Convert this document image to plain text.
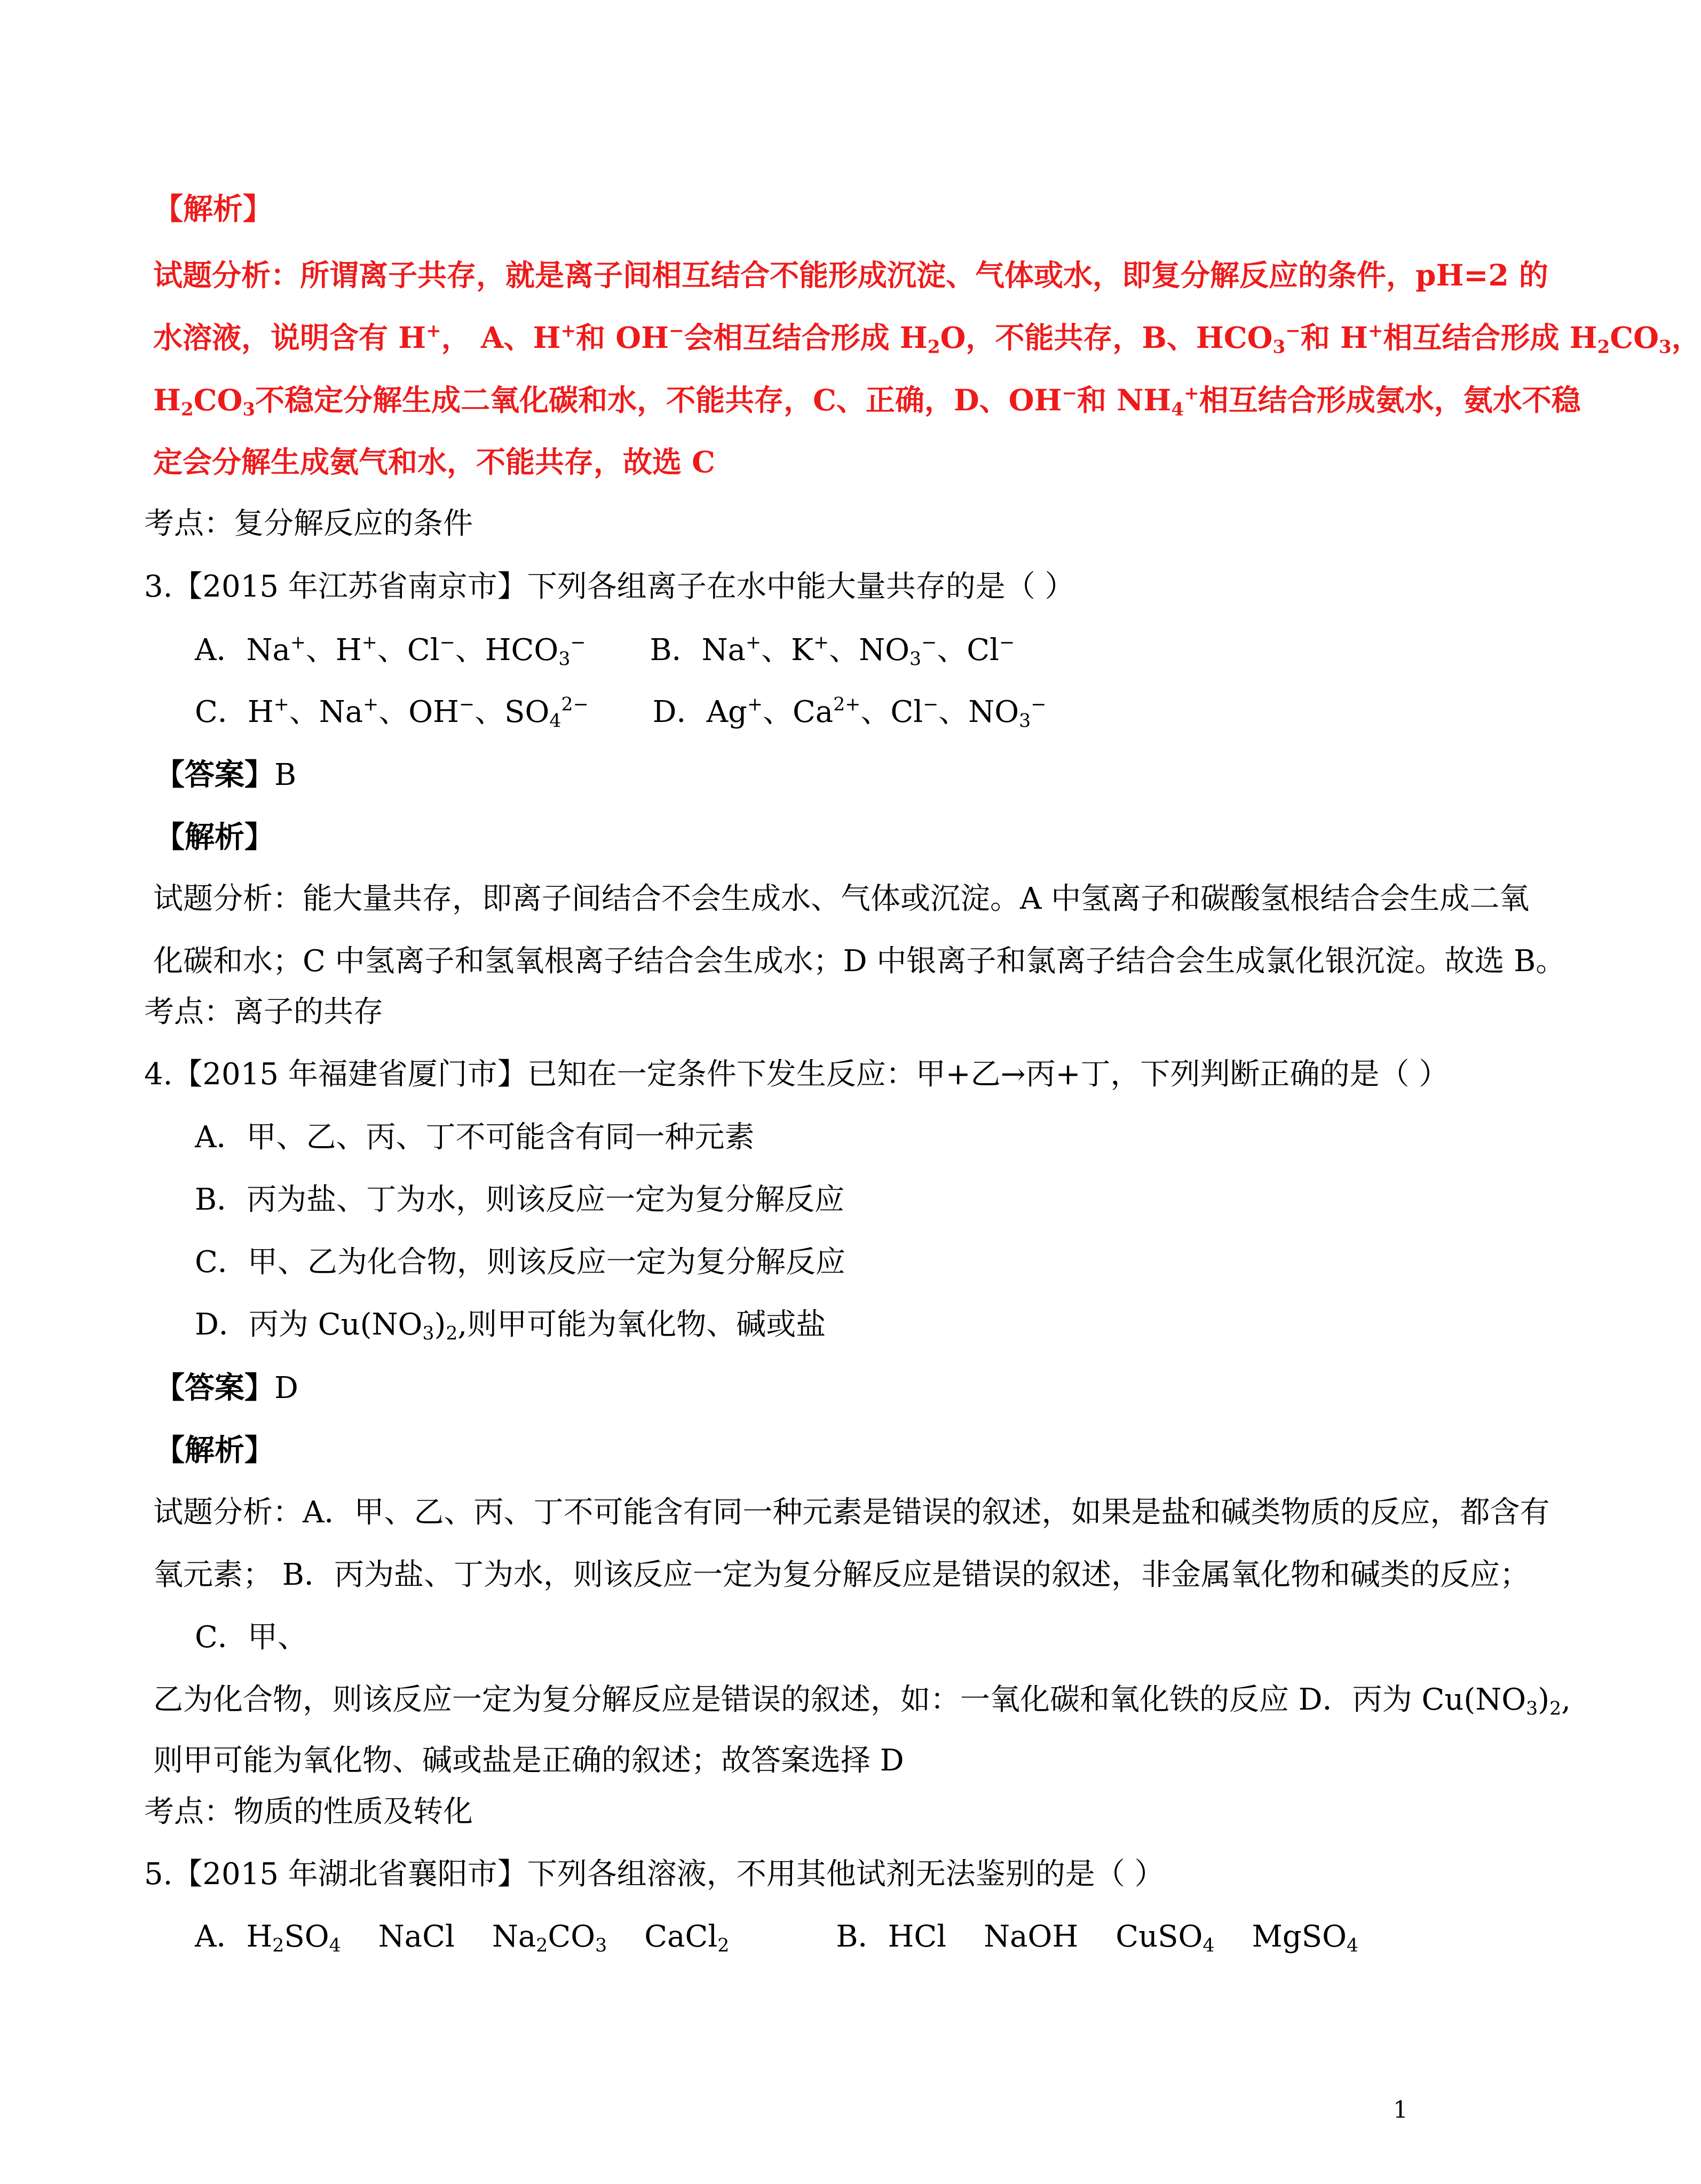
【解析】
试题分析：所谓离子共存，就是离子间相互结合不能形成沉淀、气体或水，即复分解反应的条件，pH=2 的
水溶液，说明含有 H+， A、H+和 OH−会相互结合形成 $H_2O$，不能共存，B、$HCO_3^-$和 H+相互结合形成 $H_2CO_3$，
$H_2CO_3$不稳定分解生成二氧化碳和水，不能共存，C、正确，D、OH−和 $NH_4^+$相互结合形成氨水，氨水不稳
定会分解生成氨气和水，不能共存，故选 C
考点：复分解反应的条件
3.【2015 年江苏省南京市】下列各组离子在水中能大量共存的是（ ）
A．Na+、H+、Cl−、$HCO_3^-$ B．Na+、K+、$NO_3^-$、Cl−
C．H+、Na+、OH−、$SO_4^{2-}$ D．Ag+、$Ca^{2+}$、Cl−、$NO_3^-$
【答案】B
【解析】
试题分析：能大量共存，即离子间结合不会生成水、气体或沉淀。A 中氢离子和碳酸氢根结合会生成二氧
化碳和水；C 中氢离子和氢氧根离子结合会生成水；D 中银离子和氯离子结合会生成氯化银沉淀。故选 B。
考点：离子的共存
4.【2015 年福建省厦门市】已知在一定条件下发生反应：甲+乙→丙+丁，下列判断正确的是（ ）
A．甲、乙、丙、丁不可能含有同一种元素
B．丙为盐、丁为水，则该反应一定为复分解反应
C．甲、乙为化合物，则该反应一定为复分解反应
D．丙为 $Cu(NO_3)_2$,则甲可能为氧化物、碱或盐
【答案】D
【解析】
试题分析：A．甲、乙、丙、丁不可能含有同一种元素是错误的叙述，如果是盐和碱类物质的反应，都含有
氧元素； B．丙为盐、丁为水，则该反应一定为复分解反应是错误的叙述，非金属氧化物和碱类的反应；
C．甲、
乙为化合物，则该反应一定为复分解反应是错误的叙述，如：一氧化碳和氧化铁的反应 D．丙为 $Cu(NO_3)_2$,
则甲可能为氧化物、碱或盐是正确的叙述；故答案选择 D
考点：物质的性质及转化
5.【2015 年湖北省襄阳市】下列各组溶液，不用其他试剂无法鉴别的是（ ）
A．$H_2SO_4$ NaCl $Na_2CO_3$ CaCl$_2$	B．HCl NaOH CuSO$_4$ MgSO$_4$
1
